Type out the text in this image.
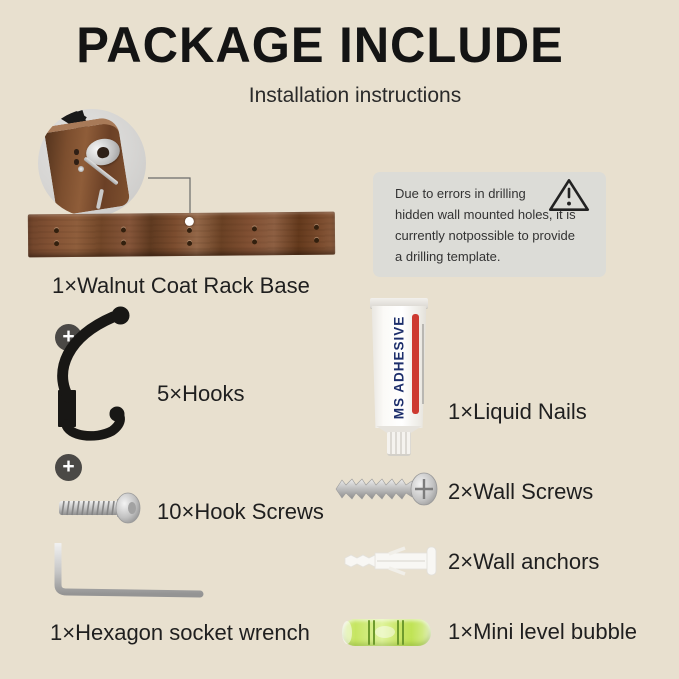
PACKAGE INCLUDE
Installation instructions
Due to errors in drilling
hidden wall mounted holes, it is
currently notpossible to provide
a drilling template.
1×Walnut Coat Rack Base
5×Hooks
10×Hook Screws
1×Hexagon socket wrench
+
+
MS ADHESIVE 1×Liquid Nails
2×Wall Screws
2×Wall anchors
1×Mini level bubble
